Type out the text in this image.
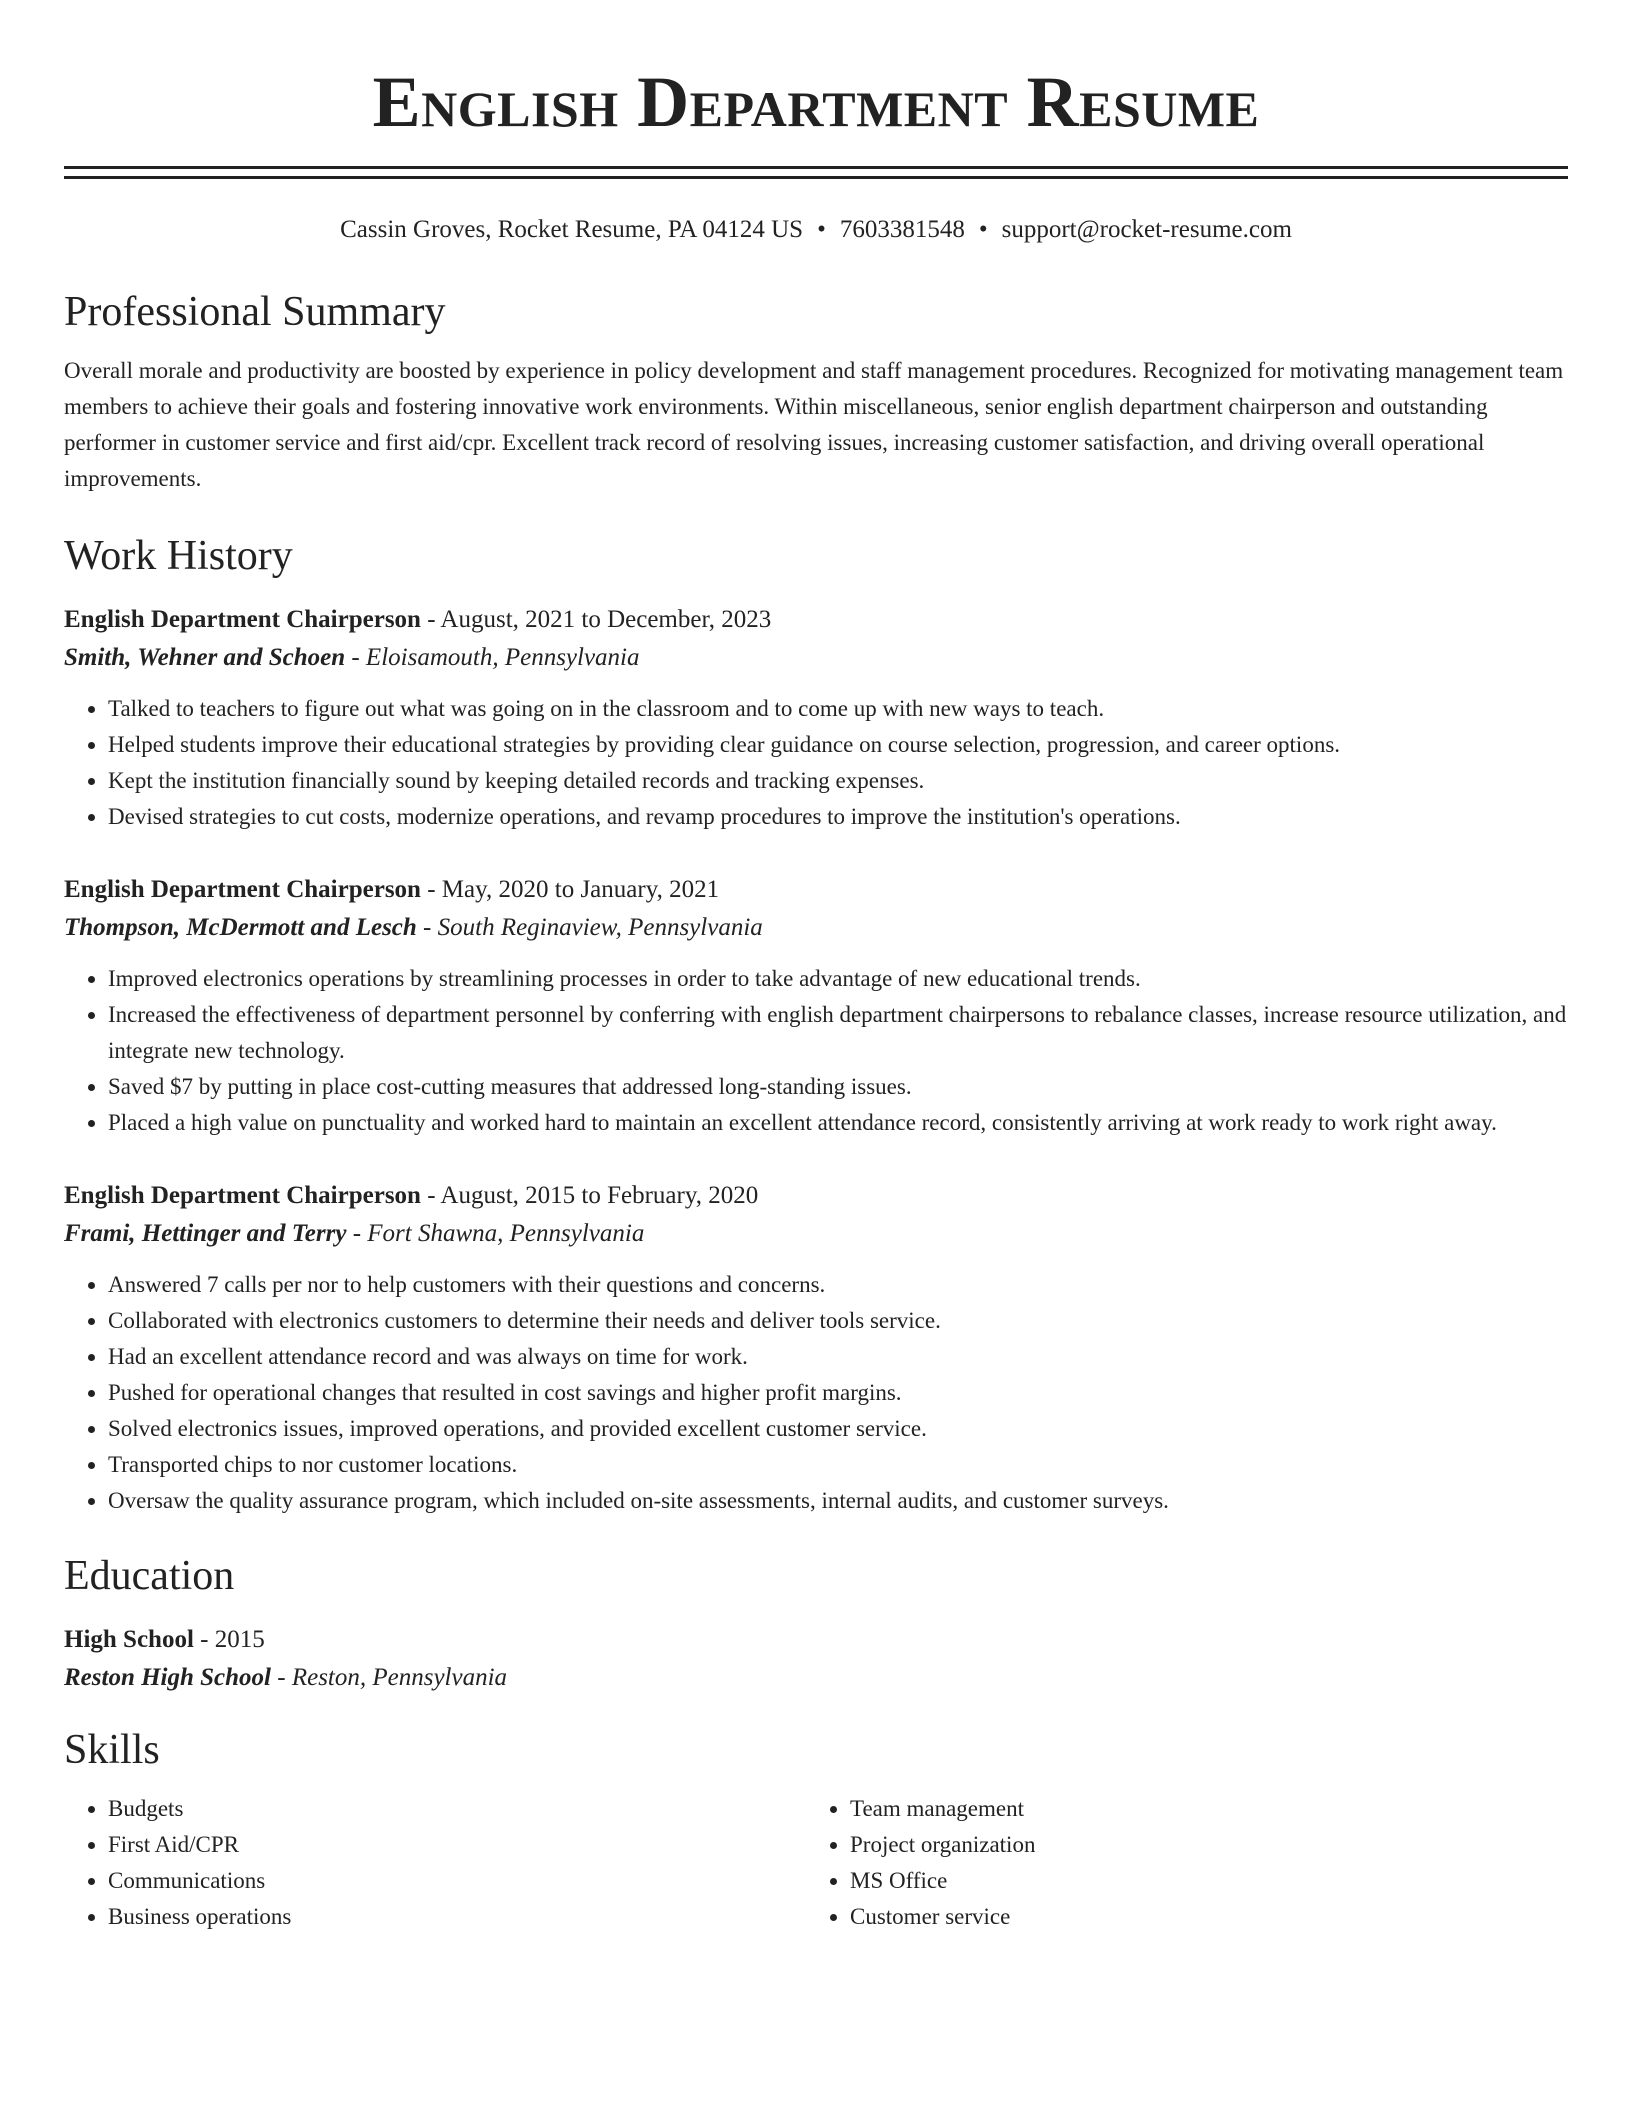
English Department Resume
Cassin Groves, Rocket Resume, PA 04124 US • 7603381548 • support@rocket-resume.com
Professional Summary

Overall morale and productivity are boosted by experience in policy development and staff management procedures. Recognized for motivating management team members to achieve their goals and fostering innovative work environments. Within miscellaneous, senior english department chairperson and outstanding performer in customer service and first aid/cpr. Excellent track record of resolving issues, increasing customer satisfaction, and driving overall operational improvements.

Work History
English Department Chairperson - August, 2021 to December, 2023
Smith, Wehner and Schoen - Eloisamouth, Pennsylvania
• Talked to teachers to figure out what was going on in the classroom and to come up with new ways to teach.
• Helped students improve their educational strategies by providing clear guidance on course selection, progression, and career options.
• Kept the institution financially sound by keeping detailed records and tracking expenses.
• Devised strategies to cut costs, modernize operations, and revamp procedures to improve the institution's operations.
English Department Chairperson - May, 2020 to January, 2021
Thompson, McDermott and Lesch - South Reginaview, Pennsylvania
• Improved electronics operations by streamlining processes in order to take advantage of new educational trends.
• Increased the effectiveness of department personnel by conferring with english department chairpersons to rebalance classes, increase resource utilization, and integrate new technology.
• Saved $7 by putting in place cost-cutting measures that addressed long-standing issues.
• Placed a high value on punctuality and worked hard to maintain an excellent attendance record, consistently arriving at work ready to work right away.
English Department Chairperson - August, 2015 to February, 2020
Frami, Hettinger and Terry - Fort Shawna, Pennsylvania
• Answered 7 calls per nor to help customers with their questions and concerns.
• Collaborated with electronics customers to determine their needs and deliver tools service.
• Had an excellent attendance record and was always on time for work.
• Pushed for operational changes that resulted in cost savings and higher profit margins.
• Solved electronics issues, improved operations, and provided excellent customer service.
• Transported chips to nor customer locations.
• Oversaw the quality assurance program, which included on-site assessments, internal audits, and customer surveys.
Education
High School - 2015
Reston High School - Reston, Pennsylvania
Skills
• Budgets
• First Aid/CPR
• Communications
• Business operations
• Team management
• Project organization
• MS Office
• Customer service
